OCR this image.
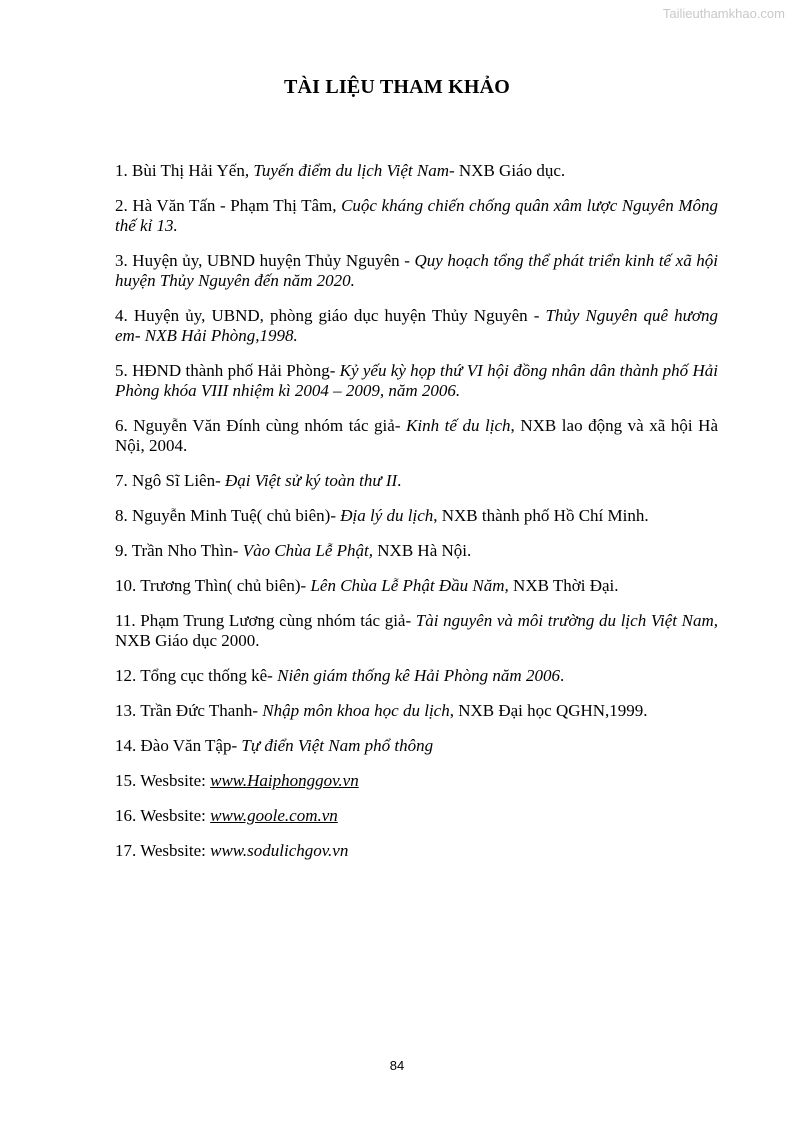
Tailieuthamkhao.com
TÀI LIỆU THAM KHẢO

1. Bùi Thị Hải Yến, Tuyến điểm du lịch Việt Nam- NXB Giáo dục.

2. Hà Văn Tấn - Phạm Thị Tâm, Cuộc kháng chiến chống quân xâm lược Nguyên Mông thế kỉ 13.

3. Huyện ủy, UBND huyện Thủy Nguyên - Quy hoạch tổng thể phát triển kinh tế xã hội huyện Thủy Nguyên đến năm 2020.

4. Huyện ủy, UBND, phòng giáo dục huyện Thủy Nguyên - Thủy Nguyên quê hương em- NXB Hải Phòng,1998.

5. HĐND thành phố Hải Phòng- Kỷ yếu kỳ họp thứ VI hội đồng nhân dân thành phố Hải Phòng khóa VIII nhiệm kì 2004 – 2009, năm 2006.

6. Nguyễn Văn Đính cùng nhóm tác giả- Kinh tế du lịch, NXB lao động và xã hội Hà Nội, 2004.

7. Ngô Sĩ Liên- Đại Việt sử ký toàn thư II.

8. Nguyễn Minh Tuệ( chủ biên)- Địa lý du lịch, NXB thành phố Hồ Chí Minh.

9. Trần Nho Thìn- Vào Chùa Lễ Phật, NXB Hà Nội.

10. Trương Thìn( chủ biên)- Lên Chùa Lễ Phật Đầu Năm, NXB Thời Đại.

11. Phạm Trung Lương cùng nhóm tác giả- Tài nguyên và môi trường du lịch Việt Nam, NXB Giáo dục 2000.

12. Tổng cục thống kê- Niên giám thống kê Hải Phòng năm 2006.

13. Trần Đức Thanh- Nhập môn khoa học du lịch, NXB Đại học QGHN,1999.

14. Đào Văn Tập- Tự điển Việt Nam phổ thông

15. Wesbsite: www.Haiphonggov.vn

16. Wesbsite: www.goole.com.vn

17. Wesbsite: www.sodulichgov.vn

84
